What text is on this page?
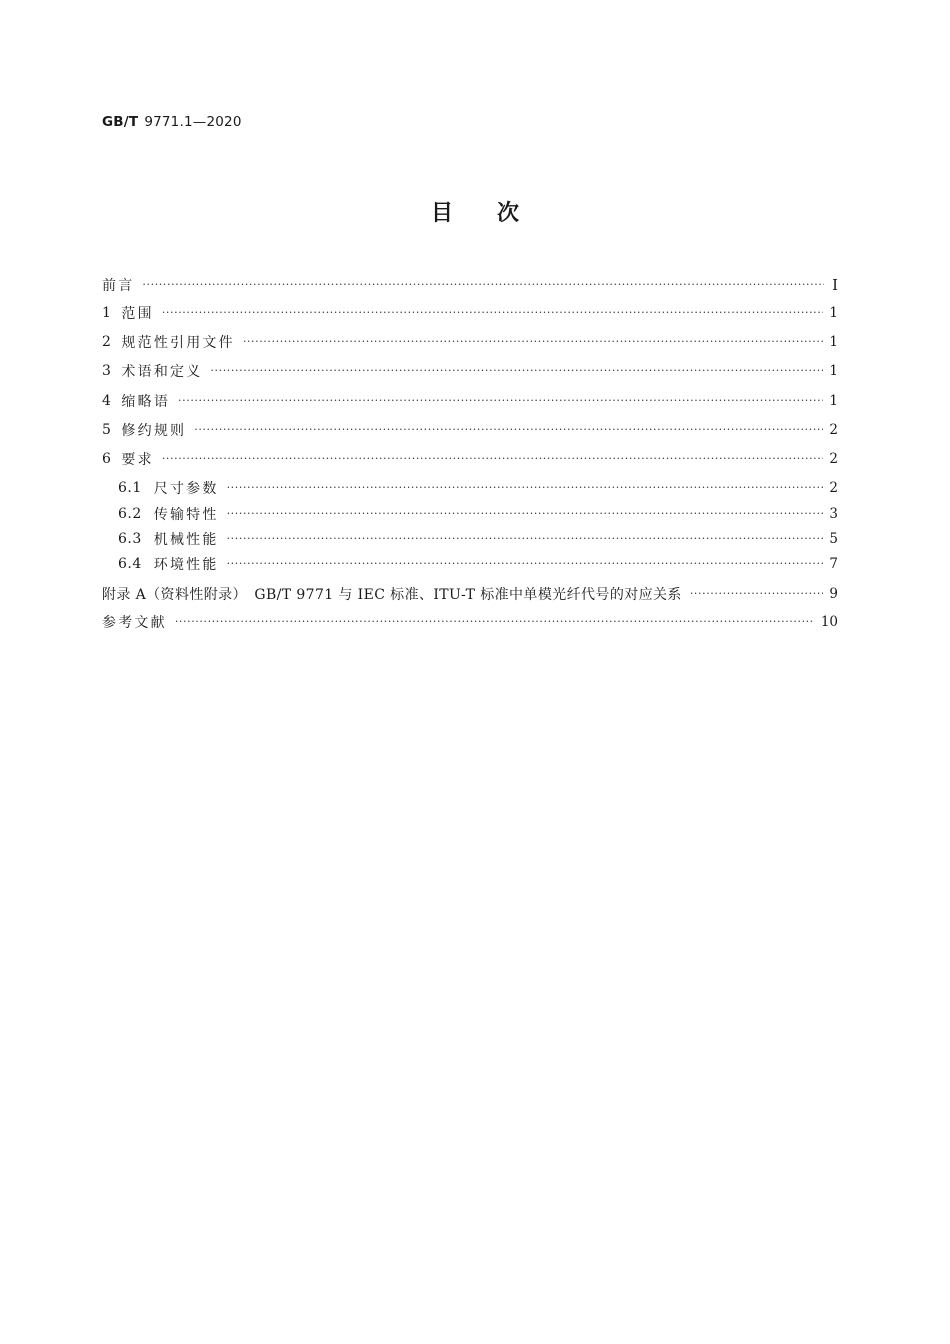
GB/T 9771.1—2020
目次
前言 ·····	Ⅰ
1 范围 ·····	1
2 规范性引用文件 ·····	1
3 术语和定义 ·····	1
4 缩略语 ·····	1
5 修约规则 ·····	2
6 要求 ·····	2
6.1 尺寸参数 ·····	2
6.2 传输特性 ·····	3
6.3 机械性能 ·····	5
6.4 环境性能 ·····	7
附录 A（资料性附录）　GB/T 9771 与 IEC 标准、ITU-T 标准中单模光纤代号的对应关系 ·····	9
参考文献 ·····	10
